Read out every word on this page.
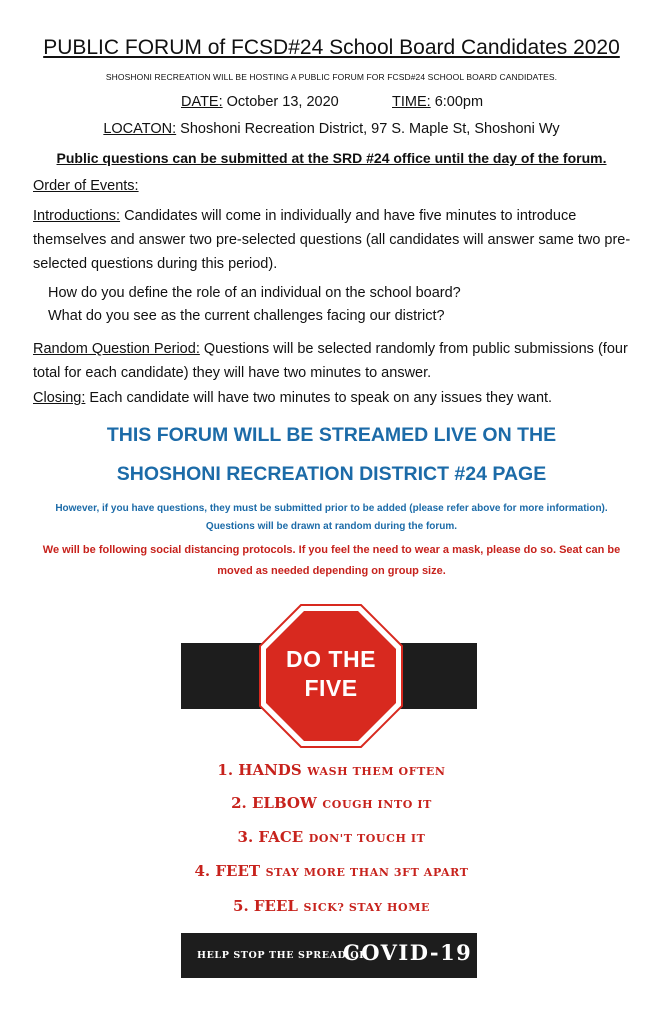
PUBLIC FORUM of FCSD#24 School Board Candidates 2020
SHOSHONI RECREATION WILL BE HOSTING A PUBLIC FORUM FOR FCSD#24 SCHOOL BOARD CANDIDATES.
DATE: October 13, 2020	TIME: 6:00pm
LOCATON: Shoshoni Recreation District, 97 S. Maple St, Shoshoni Wy
Public questions can be submitted at the SRD #24 office until the day of the forum.
Order of Events:
Introductions: Candidates will come in individually and have five minutes to introduce themselves and answer two pre-selected questions (all candidates will answer same two pre-selected questions during this period).
How do you define the role of an individual on the school board?
What do you see as the current challenges facing our district?
Random Question Period: Questions will be selected randomly from public submissions (four total for each candidate) they will have two minutes to answer.
Closing: Each candidate will have two minutes to speak on any issues they want.
THIS FORUM WILL BE STREAMED LIVE ON THE
SHOSHONI RECREATION DISTRICT #24 PAGE
However, if you have questions, they must be submitted prior to be added (please refer above for more information).
Questions will be drawn at random during the forum.
We will be following social distancing protocols. If you feel the need to wear a mask, please do so. Seat can be moved as needed depending on group size.
DO THE
FIVE
1. HANDS WASH THEM OFTEN
2. ELBOW COUGH INTO IT
3. FACE DON'T TOUCH IT
4. FEET STAY MORE THAN 3FT APART
5. FEEL SICK? STAY HOME
HELP STOP THE SPREAD OF
COVID-19
